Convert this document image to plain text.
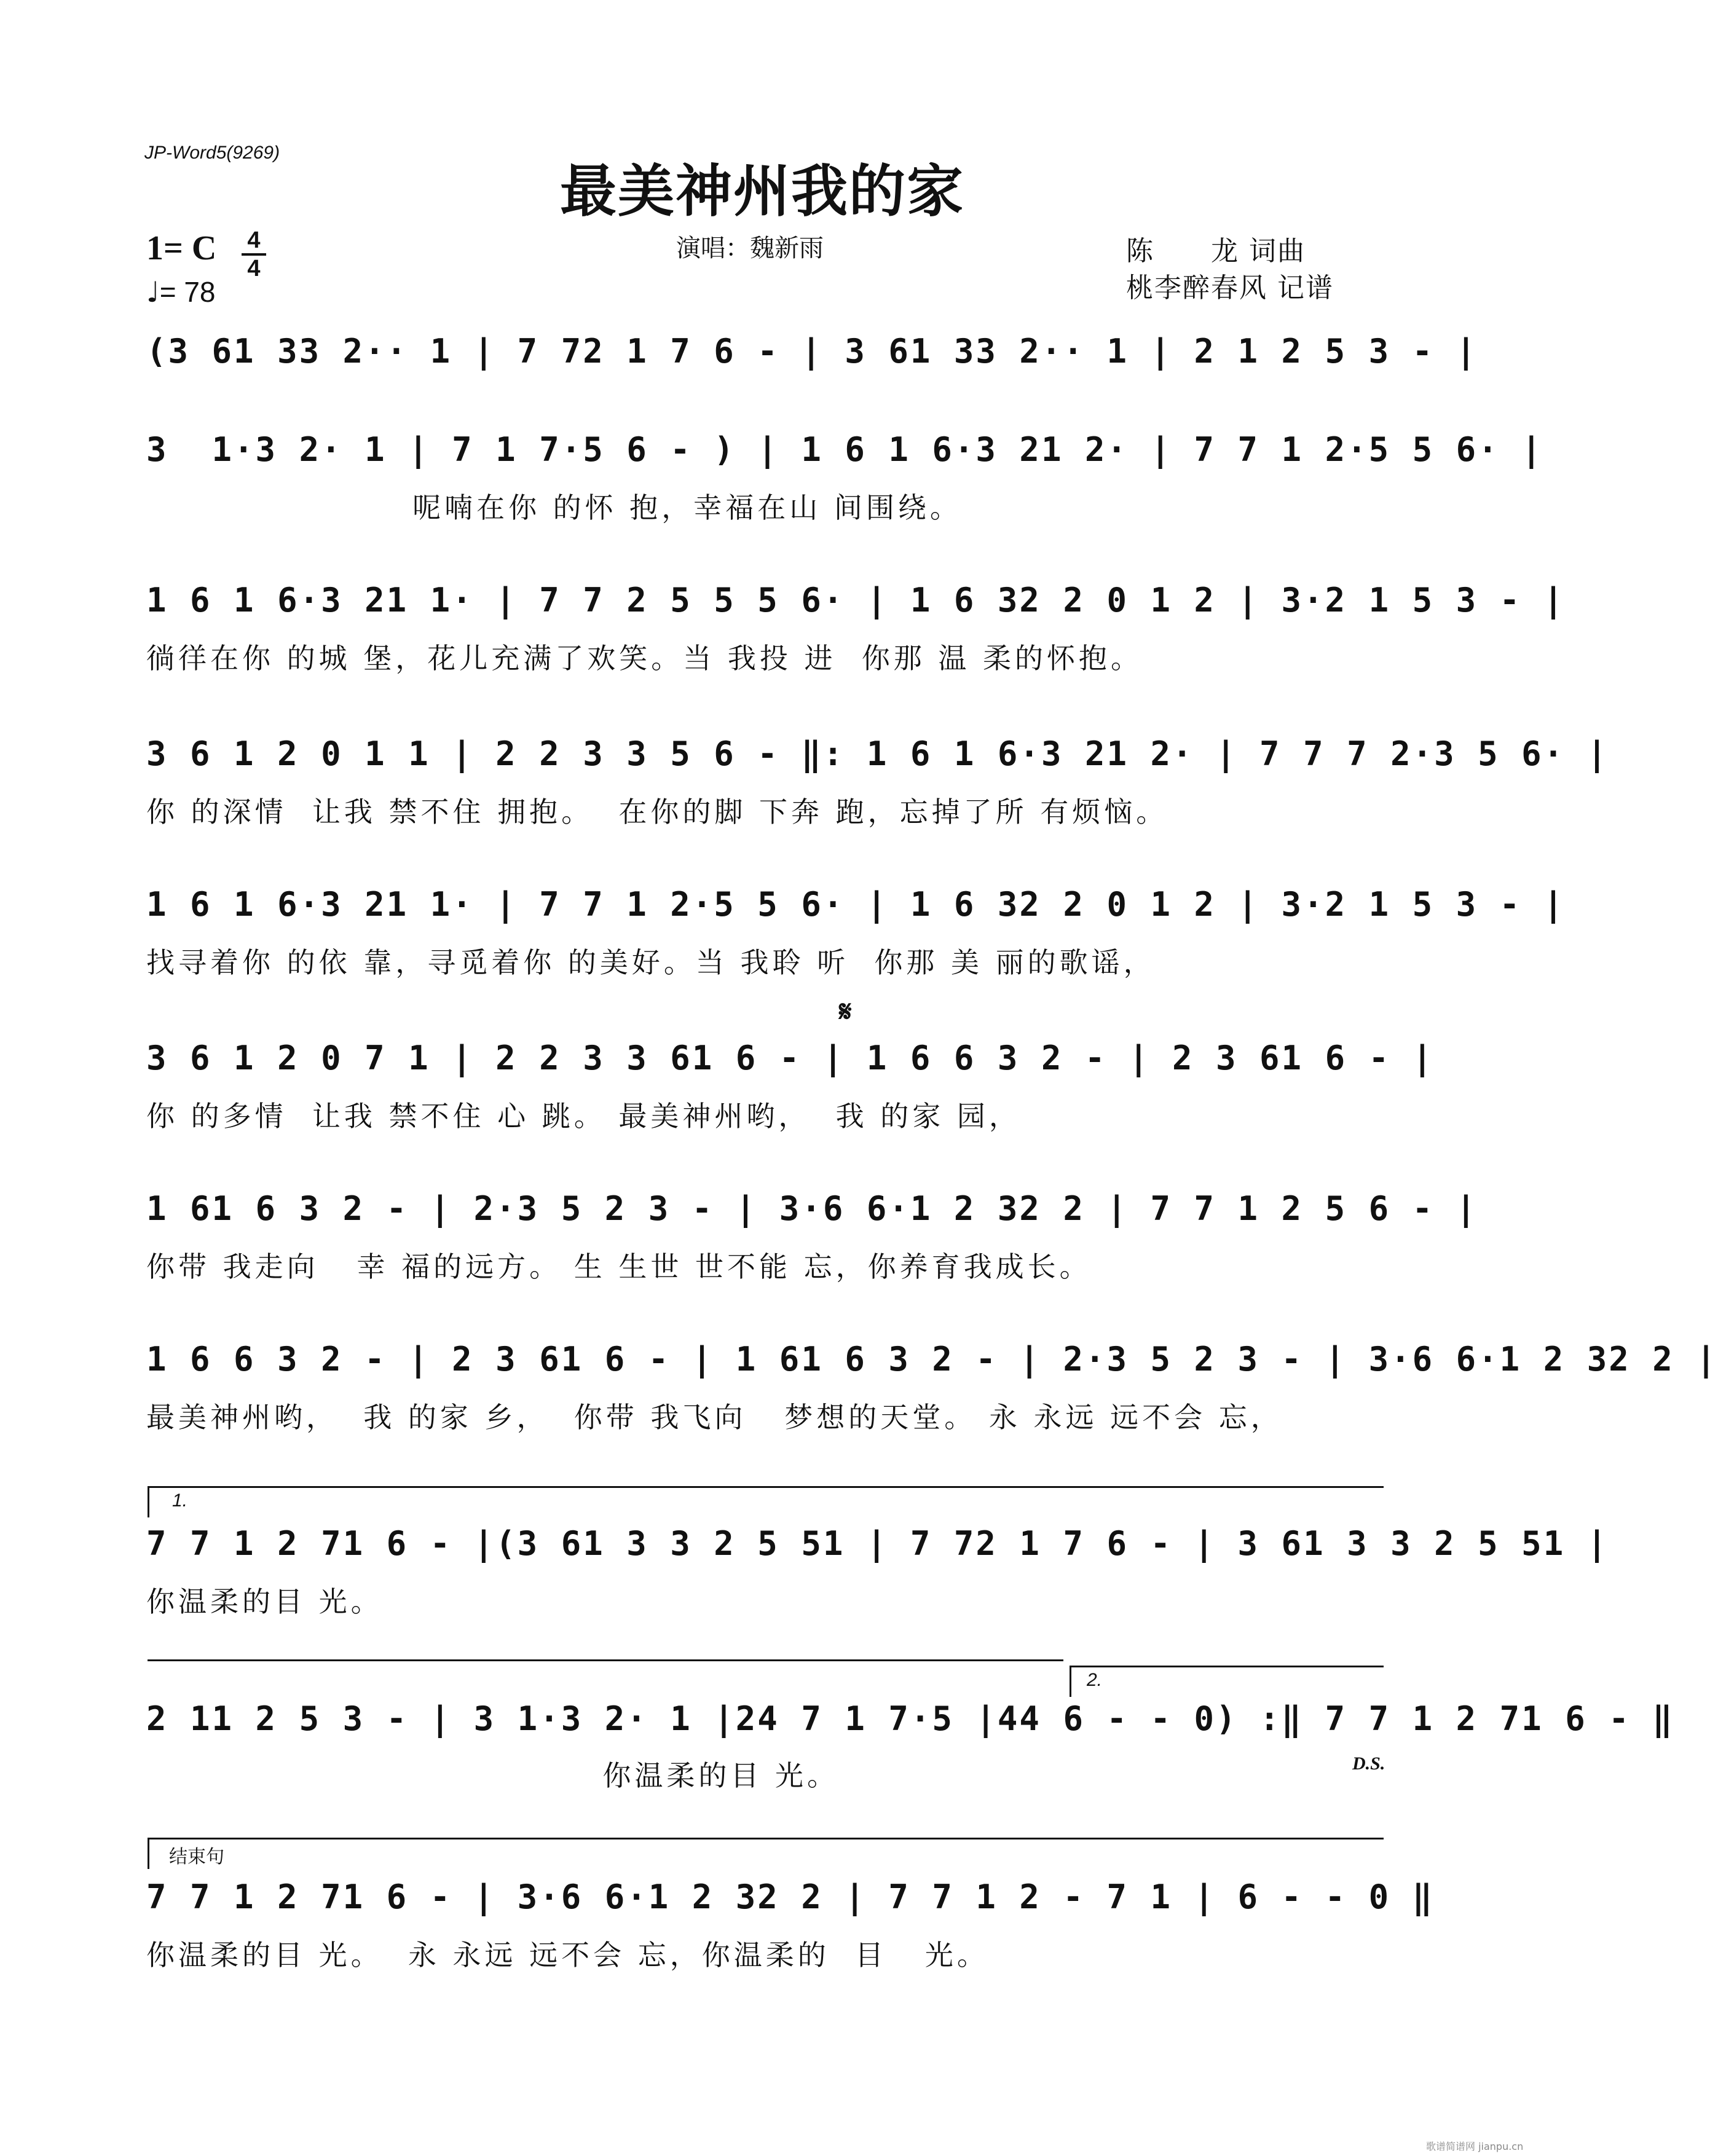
JP-Word5(9269)
最美神州我的家
1= C 4
4
♩= 78
演唱：魏新雨	陈　　龙 词曲
桃李醉春风 记谱
(3 61 33 2·· 1 | 7 72 1 7 6 - | 3 61 33 2·· 1 | 2 1 2 5 3 - |
3  1·3 2· 1 | 7 1 7·5 6 - ) | 1 6 1 6·3 21 2· | 7 7 1 2·5 5 6· |
呢喃在你 的怀 抱，幸福在山 间围绕。
1 6 1 6·3 21 1· | 7 7 2 5 5 5 6· | 1 6 32 2 0 1 2 | 3·2 1 5 3 - |
徜徉在你 的城 堡，花儿充满了欢笑。当 我投 进  你那 温 柔的怀抱。
3 6 1 2 0 1 1 | 2 2 3 3 5 6 - ‖: 1 6 1 6·3 21 2· | 7 7 7 2·3 5 6· |
你 的深情  让我 禁不住 拥抱。  在你的脚 下奔 跑，忘掉了所 有烦恼。
1 6 1 6·3 21 1· | 7 7 1 2·5 5 6· | 1 6 32 2 0 1 2 | 3·2 1 5 3 - |
找寻着你 的依 靠，寻觅着你 的美好。当 我聆 听  你那 美 丽的歌谣，
𝄋
3 6 1 2 0 7 1 | 2 2 3 3 61 6 - | 1 6 6 3 2 - | 2 3 61 6 - |
你 的多情  让我 禁不住 心 跳。 最美神州哟，  我 的家 园，
1 61 6 3 2 - | 2·3 5 2 3 - | 3·6 6·1 2 32 2 | 7 7 1 2 5 6 - |
你带 我走向   幸 福的远方。 生 生世 世不能 忘，你养育我成长。
1 6 6 3 2 - | 2 3 61 6 - | 1 61 6 3 2 - | 2·3 5 2 3 - | 3·6 6·1 2 32 2 |
最美神州哟，  我 的家 乡，  你带 我飞向   梦想的天堂。 永 永远 远不会 忘，
1.
7 7 1 2 71 6 - |(3 61 3 3 2 5 51 | 7 72 1 7 6 - | 3 61 3 3 2 5 51 |
你温柔的目 光。
2.
2 11 2 5 3 - | 3 1·3 2· 1 |24 7 1 7·5 |44 6 - - 0) :‖ 7 7 1 2 71 6 - ‖
你温柔的目 光。	D.S.
结束句
7 7 1 2 71 6 - | 3·6 6·1 2 32 2 | 7 7 1 2 - 7 1 | 6 - - 0 ‖
你温柔的目 光。  永 永远 远不会 忘，你温柔的  目   光。
歌谱简谱网 jianpu.cn
